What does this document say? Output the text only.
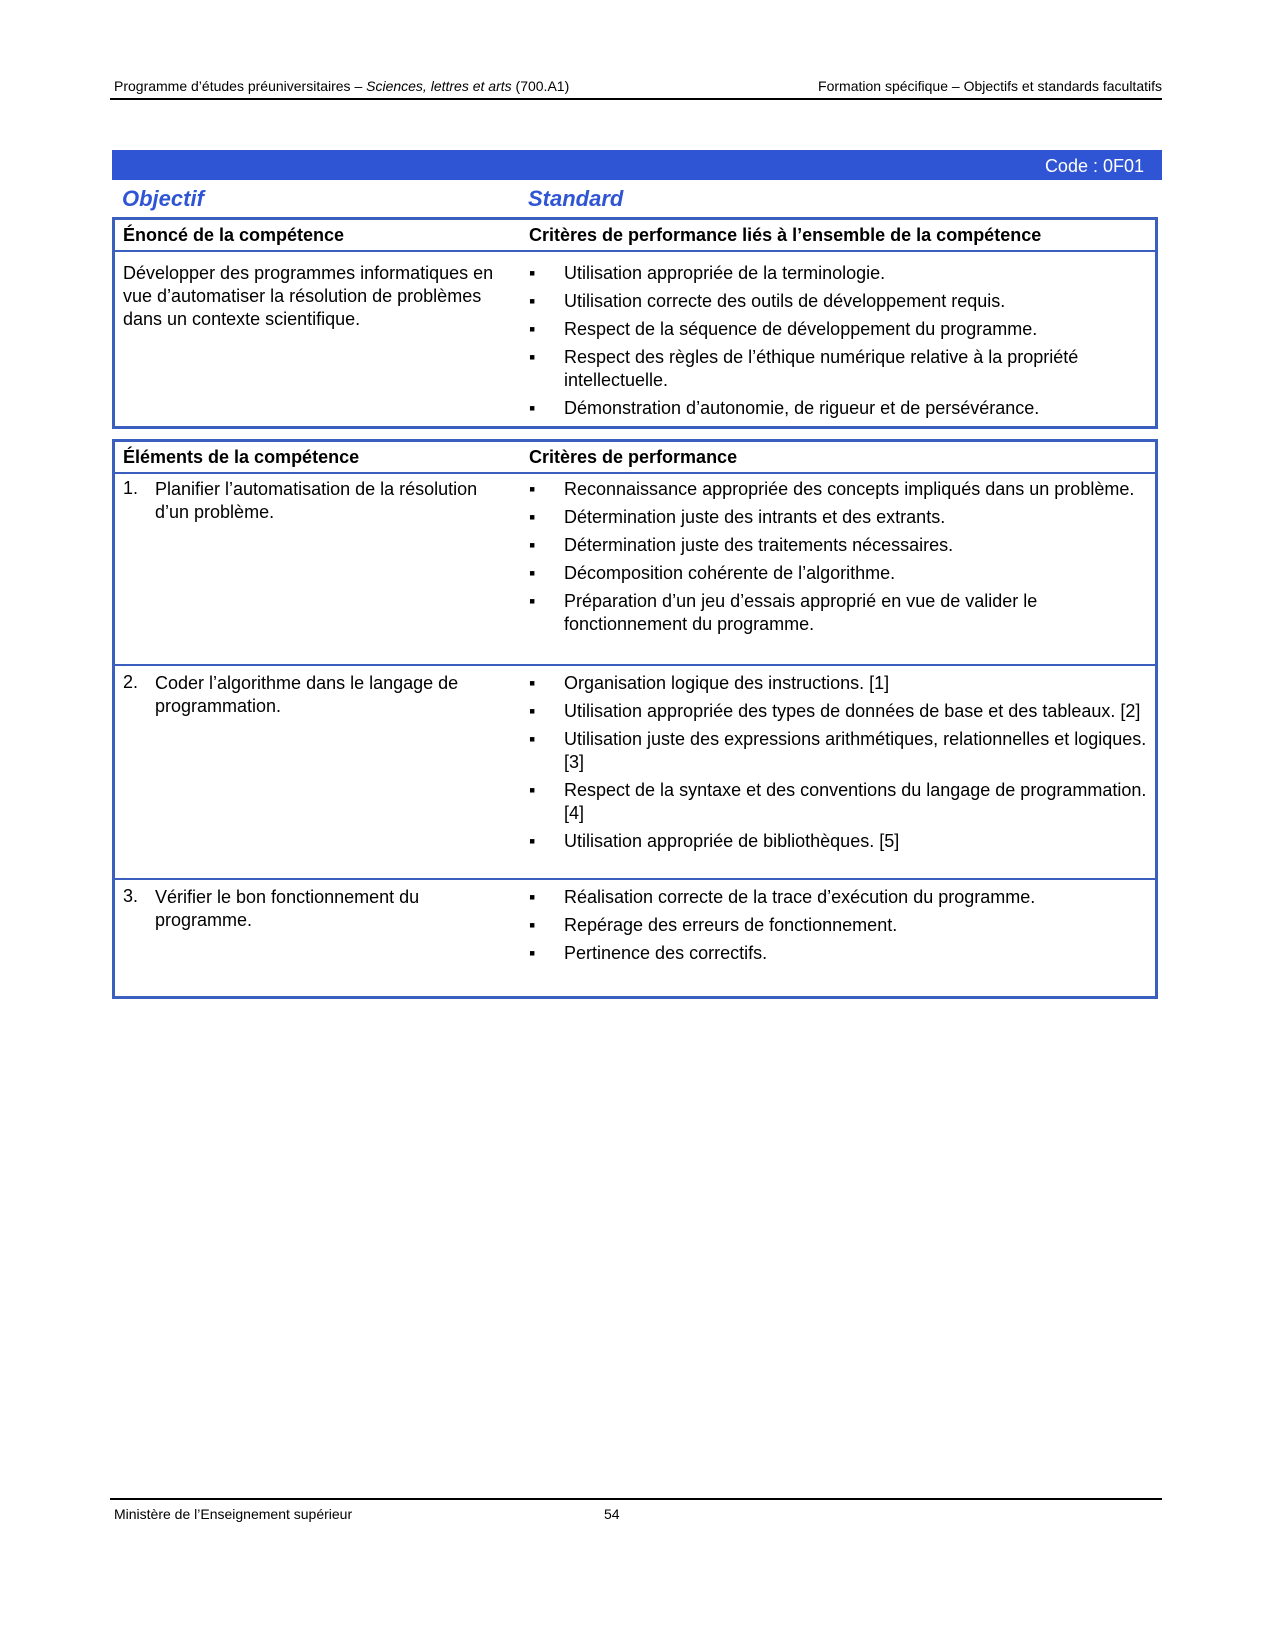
Programme d’études préuniversitaires – Sciences, lettres et arts (700.A1)	Formation spécifique – Objectifs et standards facultatifs
Code : 0F01
Objectif	Standard
Énoncé de la compétence	Critères de performance liés à l’ensemble de la compétence
Développer des programmes informatiques en vue d’automatiser la résolution de problèmes dans un contexte scientifique.
▪ Utilisation appropriée de la terminologie.
▪ Utilisation correcte des outils de développement requis.
▪ Respect de la séquence de développement du programme.
▪ Respect des règles de l’éthique numérique relative à la propriété intellectuelle.
▪ Démonstration d’autonomie, de rigueur et de persévérance.
Éléments de la compétence	Critères de performance
1. Planifier l’automatisation de la résolution d’un problème.
▪ Reconnaissance appropriée des concepts impliqués dans un problème.
▪ Détermination juste des intrants et des extrants.
▪ Détermination juste des traitements nécessaires.
▪ Décomposition cohérente de l’algorithme.
▪ Préparation d’un jeu d’essais approprié en vue de valider le fonctionnement du programme.
2. Coder l’algorithme dans le langage de programmation.
▪ Organisation logique des instructions. [1]
▪ Utilisation appropriée des types de données de base et des tableaux. [2]
▪ Utilisation juste des expressions arithmétiques, relationnelles et logiques. [3]
▪ Respect de la syntaxe et des conventions du langage de programmation. [4]
▪ Utilisation appropriée de bibliothèques. [5]
3. Vérifier le bon fonctionnement du programme.
▪ Réalisation correcte de la trace d’exécution du programme.
▪ Repérage des erreurs de fonctionnement.
▪ Pertinence des correctifs.
Ministère de l’Enseignement supérieur	54
